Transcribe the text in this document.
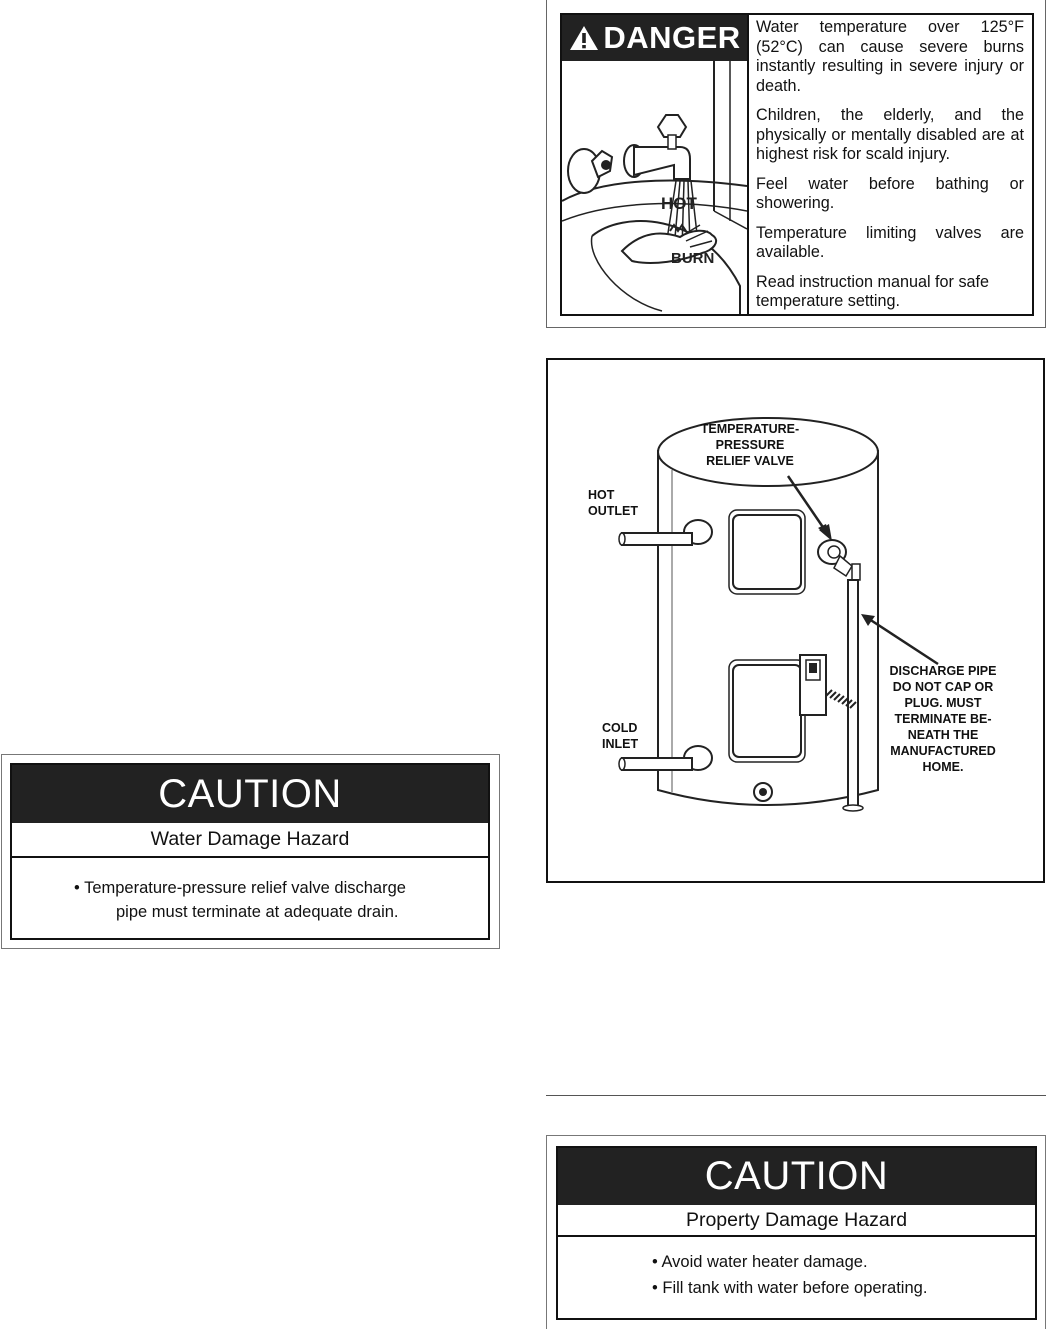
DANGER
HOT
BURN

Water temperature over 125°F (52°C) can cause severe burns instantly resulting in severe injury or death.

Children, the elderly, and the physically or mentally disabled are at highest risk for scald injury.

Feel water before bathing or showering.

Temperature limiting valves are available.

Read instruction manual for safe temperature setting.

TEMPERATURE-
PRESSURE
RELIEF VALVE
HOT
OUTLET
COLD
INLET
DISCHARGE PIPE
DO NOT CAP OR
PLUG. MUST
TERMINATE BE-
NEATH THE
MANUFACTURED
HOME.
CAUTION
Water Damage Hazard
• Temperature-pressure relief valve discharge
pipe must terminate at adequate drain.
CAUTION
Property Damage Hazard
• Avoid water heater damage.
• Fill tank with water before operating.
